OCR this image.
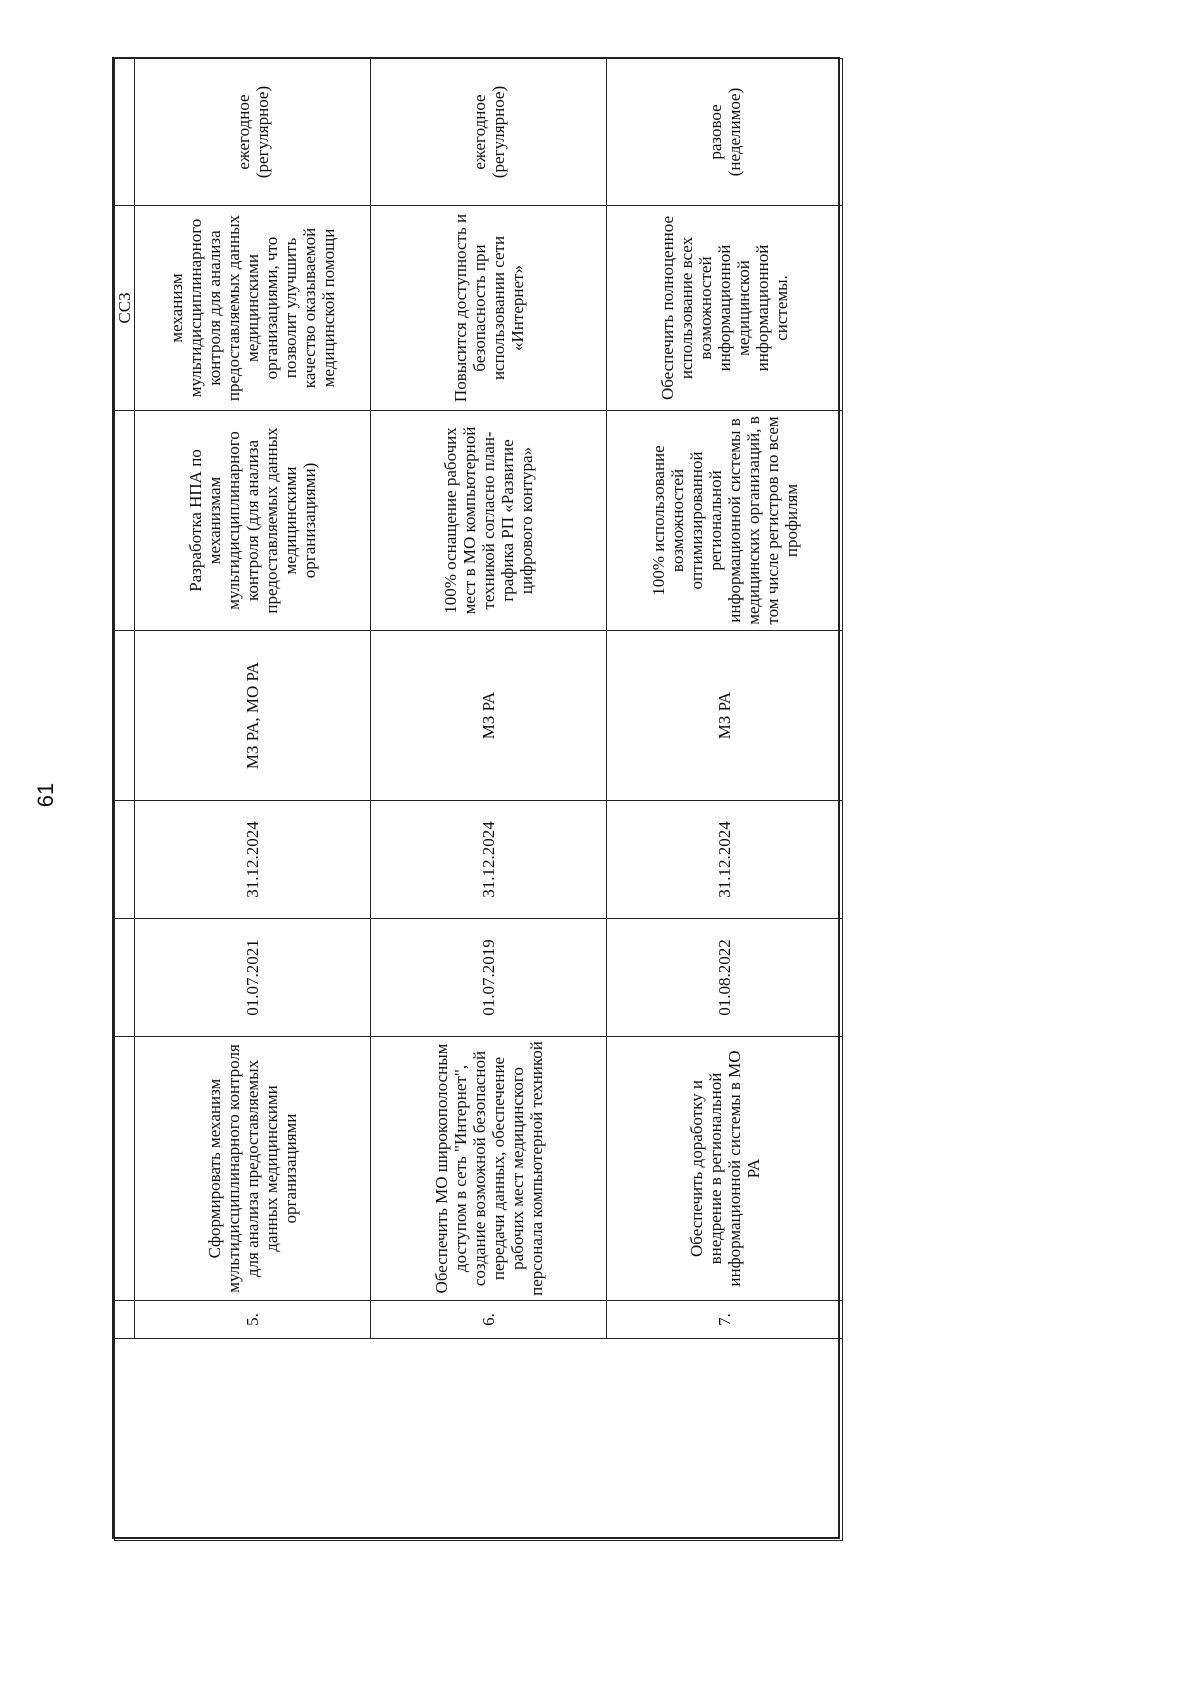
61
							ССЗ	
	5.	Сформировать механизм мультидисциплинарного контроля для анализа предоставляемых данных медицинскими организациями	01.07.2021	31.12.2024	МЗ РА, МО РА	Разработка НПА по механизмам мультидисциплинарного контроля (для анализа предоставляемых данных медицинскими организациями)	механизм мультидисциплинарного контроля для анализа предоставляемых данных медицинскими организациями, что позволит улучшить качество оказываемой медицинской помощи	ежегодное (регулярное)
	6.	Обеспечить МО широкополосным доступом в сеть "Интернет", создание возможной безопасной передачи данных, обеспечение рабочих мест медицинского персонала компьютерной техникой	01.07.2019	31.12.2024	МЗ РА	100% оснащение рабочих мест в МО компьютерной техникой согласно план-графика РП «Развитие цифрового контура»	Повысится доступность и безопасность при использовании сети «Интернет»	ежегодное (регулярное)
	7.	Обеспечить доработку и внедрение в региональной информационной системы в МО РА	01.08.2022	31.12.2024	МЗ РА	100% использование возможностей оптимизированной региональной информационной системы в медицинских организаций, в том числе регистров по всем профилям	Обеспечить полноценное использование всех возможностей информационной медицинской информационной системы.	разовое (неделимое)
